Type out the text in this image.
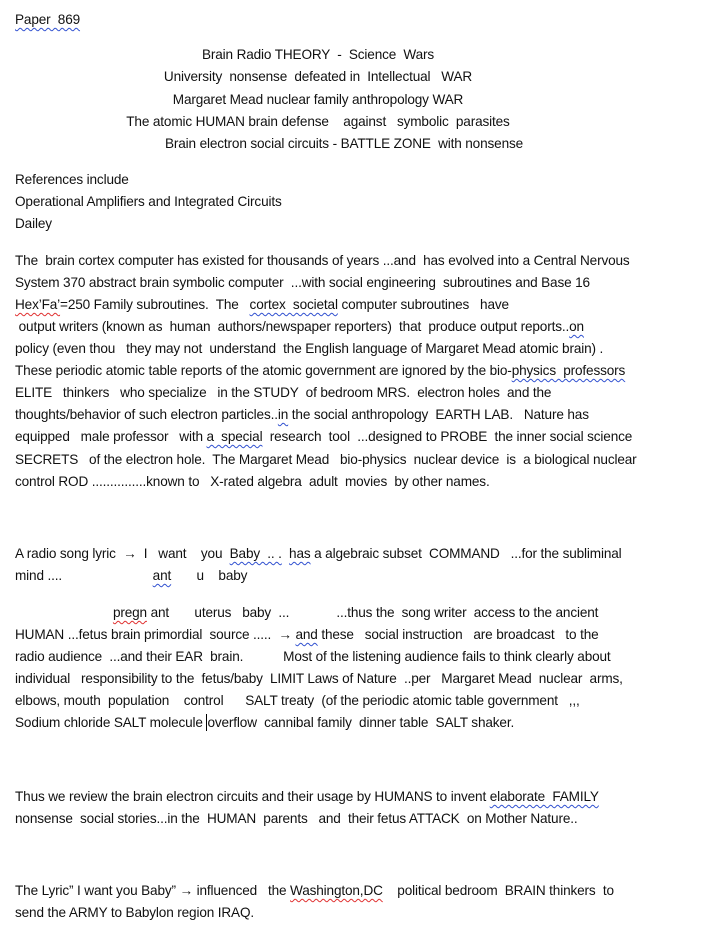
Paper  869
Brain Radio THEORY  -  Science  Wars
University  nonsense  defeated in  Intellectual   WAR
Margaret Mead nuclear family anthropology WAR
The atomic HUMAN brain defense    against   symbolic  parasites
Brain electron social circuits - BATTLE ZONE  with nonsense
References include
Operational Amplifiers and Integrated Circuits
Dailey
The  brain cortex computer has existed for thousands of years ...and  has evolved into a Central Nervous
System 370 abstract brain symbolic computer  ...with social engineering  subroutines and Base 16
Hex’Fa’=250 Family subroutines.  The   cortex  societal computer subroutines   have
output writers (known as  human  authors/newspaper reporters)  that  produce output reports..on
policy (even thou   they may not  understand  the English language of Margaret Mead atomic brain) .
These periodic atomic table reports of the atomic government are ignored by the bio-physics  professors
ELITE   thinkers   who specialize   in the STUDY  of bedroom MRS.  electron holes  and the
thoughts/behavior of such electron particles..in the social anthropology  EARTH LAB.   Nature has
equipped   male professor   with a  special  research  tool  ...designed to PROBE  the inner social science
SECRETS   of the electron hole.  The Margaret Mead   bio-physics  nuclear device  is  a biological nuclear
control ROD ...............known to   X-rated algebra  adult  movies  by other names.
A radio song lyric  →  I   want    you  Baby  .. . has a algebraic subset  COMMAND   ...for the subliminal
mind ....                         ant       u    baby
pregn ant       uterus   baby  ...             ...thus the  song writer  access to the ancient
HUMAN ...fetus brain primordial  source .....  → and these   social instruction   are broadcast   to the
radio audience  ...and their EAR  brain.           Most of the listening audience fails to think clearly about
individual   responsibility to the  fetus/baby  LIMIT Laws of Nature  ..per   Margaret Mead  nuclear  arms,
elbows, mouth  population    control      SALT treaty  (of the periodic atomic table government   ,,,
Sodium chloride SALT molecule overflow  cannibal family  dinner table  SALT shaker.
Thus we review the brain electron circuits and their usage by HUMANS to invent elaborate  FAMILY
nonsense  social stories...in the  HUMAN  parents   and  their fetus ATTACK  on Mother Nature..
The Lyric” I want you Baby” → influenced   the Washington,DC    political bedroom  BRAIN thinkers  to
send the ARMY to Babylon region IRAQ.
